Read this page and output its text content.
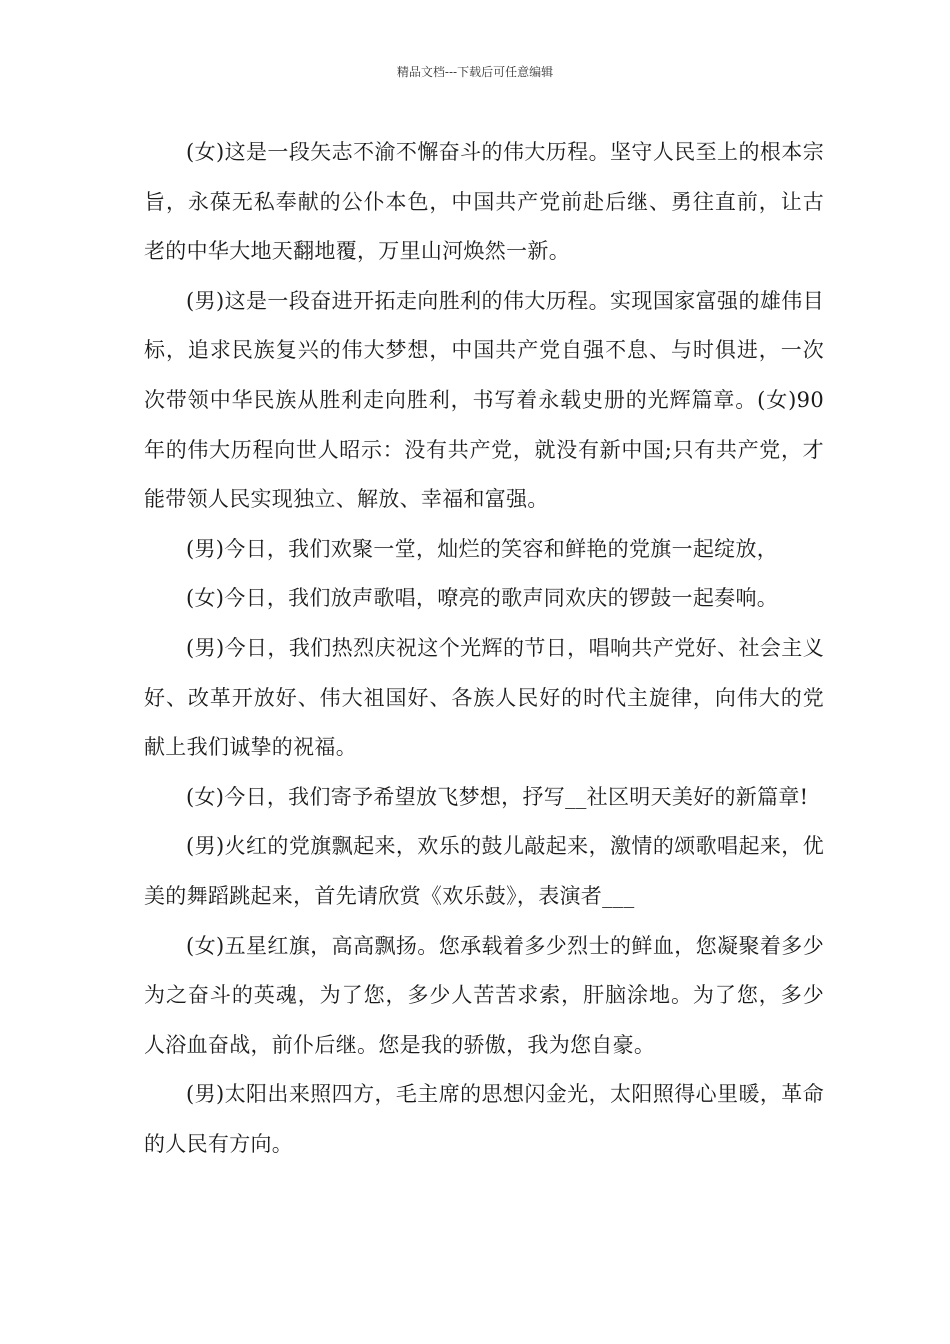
精品文档---下载后可任意编辑

(女)这是一段矢志不渝不懈奋斗的伟大历程。坚守人民至上的根本宗旨，永葆无私奉献的公仆本色，中国共产党前赴后继、勇往直前，让古老的中华大地天翻地覆，万里山河焕然一新。

(男)这是一段奋进开拓走向胜利的伟大历程。实现国家富强的雄伟目标，追求民族复兴的伟大梦想，中国共产党自强不息、与时俱进，一次次带领中华民族从胜利走向胜利，书写着永载史册的光辉篇章。(女)90年的伟大历程向世人昭示：没有共产党，就没有新中国;只有共产党，才能带领人民实现独立、解放、幸福和富强。

(男)今日，我们欢聚一堂，灿烂的笑容和鲜艳的党旗一起绽放，

(女)今日，我们放声歌唱，嘹亮的歌声同欢庆的锣鼓一起奏响。

(男)今日，我们热烈庆祝这个光辉的节日，唱响共产党好、社会主义好、改革开放好、伟大祖国好、各族人民好的时代主旋律，向伟大的党献上我们诚挚的祝福。

(女)今日，我们寄予希望放飞梦想，抒写__社区明天美好的新篇章!

(男)火红的党旗飘起来，欢乐的鼓儿敲起来，激情的颂歌唱起来，优美的舞蹈跳起来，首先请欣赏《欢乐鼓》，表演者___

(女)五星红旗，高高飘扬。您承载着多少烈士的鲜血，您凝聚着多少为之奋斗的英魂，为了您，多少人苦苦求索，肝脑涂地。为了您，多少人浴血奋战，前仆后继。您是我的骄傲，我为您自豪。

(男)太阳出来照四方，毛主席的思想闪金光，太阳照得心里暖，革命的人民有方向。
